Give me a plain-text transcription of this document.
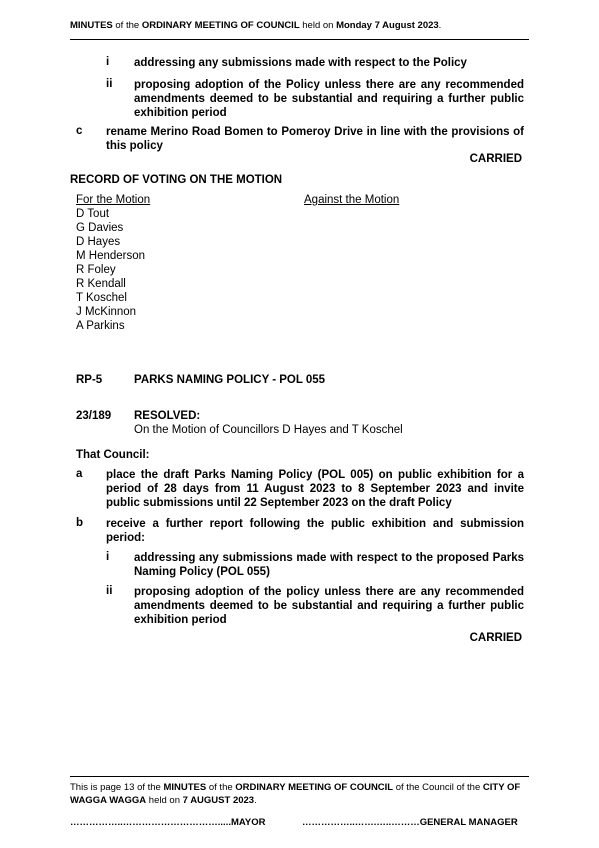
MINUTES of the ORDINARY MEETING OF COUNCIL held on Monday 7 August 2023.
i addressing any submissions made with respect to the Policy
ii proposing adoption of the Policy unless there are any recommended amendments deemed to be substantial and requiring a further public exhibition period
c rename Merino Road Bomen to Pomeroy Drive in line with the provisions of this policy
CARRIED
RECORD OF VOTING ON THE MOTION
For the Motion	Against the Motion
D Tout
G Davies
D Hayes
M Henderson
R Foley
R Kendall
T Koschel
J McKinnon
A Parkins
RP-5	PARKS NAMING POLICY - POL 055
23/189 RESOLVED:
On the Motion of Councillors D Hayes and T Koschel
That Council:
a place the draft Parks Naming Policy (POL 005) on public exhibition for a period of 28 days from 11 August 2023 to 8 September 2023 and invite public submissions until 22 September 2023 on the draft Policy
b receive a further report following the public exhibition and submission period:
i addressing any submissions made with respect to the proposed Parks Naming Policy (POL 055)
ii proposing adoption of the policy unless there are any recommended amendments deemed to be substantial and requiring a further public exhibition period
CARRIED
This is page 13 of the MINUTES of the ORDINARY MEETING OF COUNCIL of the Council of the CITY OF WAGGA WAGGA held on 7 AUGUST 2023.
……………..………………………….....MAYOR	……………..…….…..………GENERAL MANAGER
